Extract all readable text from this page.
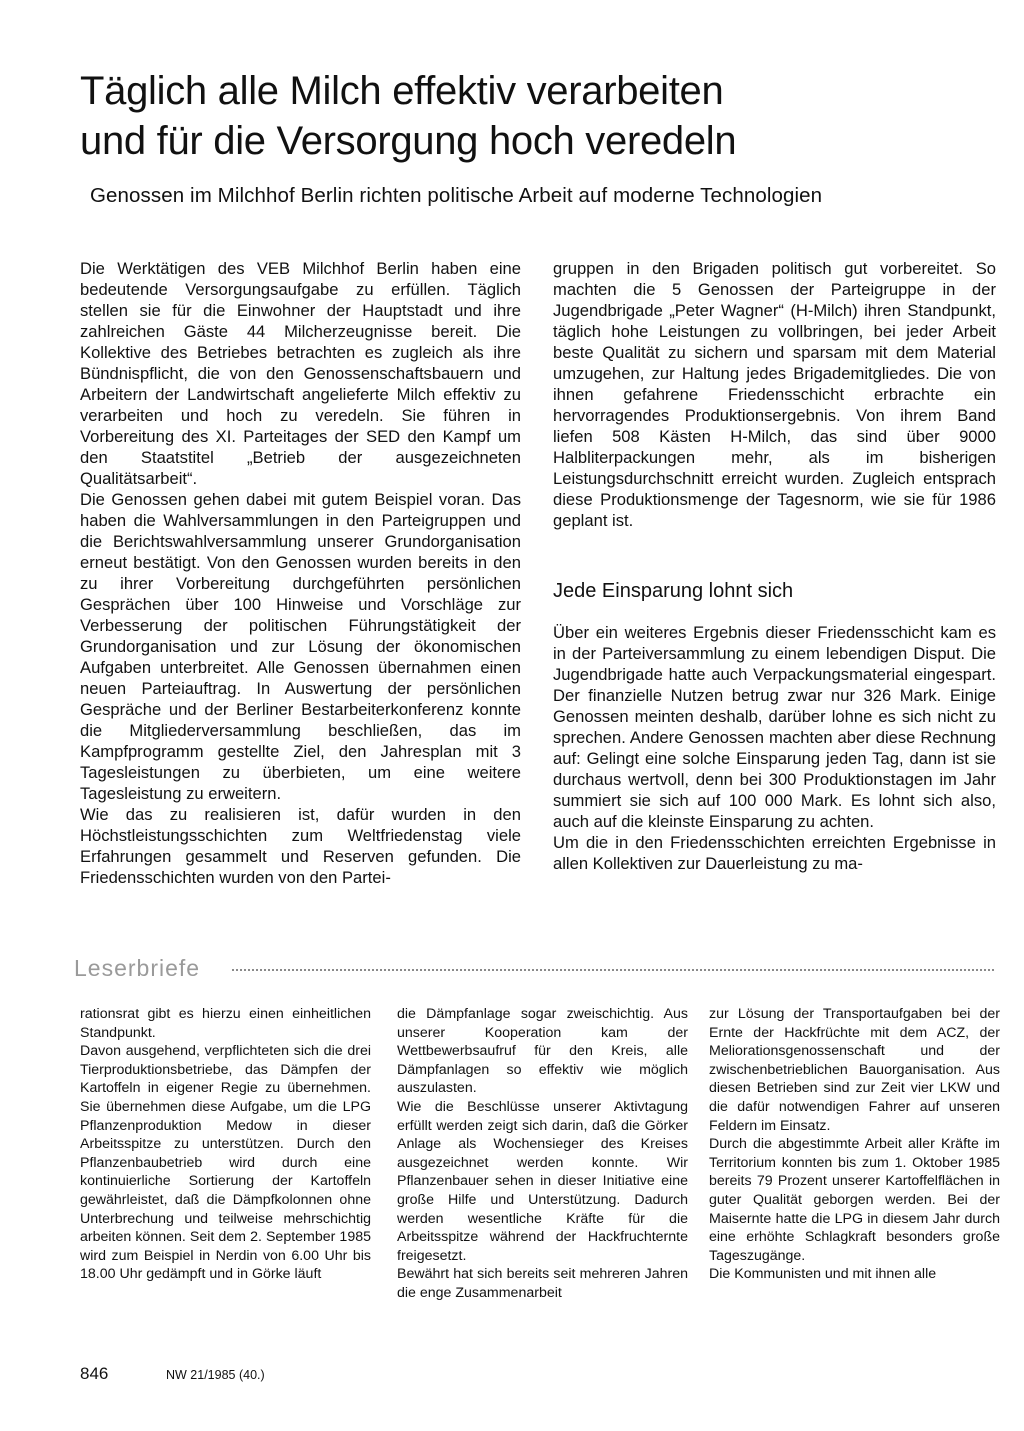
Täglich alle Milch effektiv verarbeiten
und für die Versorgung hoch veredeln
Genossen im Milchhof Berlin richten politische Arbeit auf moderne Technologien

Die Werktätigen des VEB Milchhof Berlin haben eine bedeutende Versorgungsaufgabe zu erfüllen. Täglich stellen sie für die Einwohner der Hauptstadt und ihre zahlreichen Gäste 44 Milcherzeugnisse bereit. Die Kollektive des Betriebes betrachten es zugleich als ihre Bündnispflicht, die von den Genossenschaftsbauern und Arbeitern der Landwirtschaft angelieferte Milch effektiv zu verarbeiten und hoch zu veredeln. Sie führen in Vorbereitung des XI. Parteitages der SED den Kampf um den Staatstitel „Betrieb der ausgezeichneten Qualitätsarbeit“.

Die Genossen gehen dabei mit gutem Beispiel voran. Das haben die Wahlversammlungen in den Parteigruppen und die Berichtswahlversammlung unserer Grundorganisation erneut bestätigt. Von den Genossen wurden bereits in den zu ihrer Vorbereitung durchgeführten persönlichen Gesprächen über 100 Hinweise und Vorschläge zur Verbesserung der politischen Führungstätigkeit der Grundorganisation und zur Lösung der ökonomischen Aufgaben unterbreitet. Alle Genossen übernahmen einen neuen Parteiauftrag. In Auswertung der persönlichen Gespräche und der Berliner Bestarbeiterkonferenz konnte die Mitgliederversammlung beschließen, das im Kampfprogramm gestellte Ziel, den Jahresplan mit 3 Tagesleistungen zu überbieten, um eine weitere Tagesleistung zu erweitern.

Wie das zu realisieren ist, dafür wurden in den Höchstleistungsschichten zum Weltfriedenstag viele Erfahrungen gesammelt und Reserven gefunden. Die Friedensschichten wurden von den Partei-

gruppen in den Brigaden politisch gut vorbereitet. So machten die 5 Genossen der Parteigruppe in der Jugendbrigade „Peter Wagner“ (H-Milch) ihren Standpunkt, täglich hohe Leistungen zu vollbringen, bei jeder Arbeit beste Qualität zu sichern und sparsam mit dem Material umzugehen, zur Haltung jedes Brigademitgliedes. Die von ihnen gefahrene Friedensschicht erbrachte ein hervorragendes Produktionsergebnis. Von ihrem Band liefen 508 Kästen H-Milch, das sind über 9000 Halbliterpackungen mehr, als im bisherigen Leistungsdurchschnitt erreicht wurden. Zugleich entsprach diese Produktionsmenge der Tagesnorm, wie sie für 1986 geplant ist.

Jede Einsparung lohnt sich

Über ein weiteres Ergebnis dieser Friedensschicht kam es in der Parteiversammlung zu einem lebendigen Disput. Die Jugendbrigade hatte auch Verpackungsmaterial eingespart. Der finanzielle Nutzen betrug zwar nur 326 Mark. Einige Genossen meinten deshalb, darüber lohne es sich nicht zu sprechen. Andere Genossen machten aber diese Rechnung auf: Gelingt eine solche Einsparung jeden Tag, dann ist sie durchaus wertvoll, denn bei 300 Produktionstagen im Jahr summiert sie sich auf 100 000 Mark. Es lohnt sich also, auch auf die kleinste Einsparung zu achten.

Um die in den Friedensschichten erreichten Ergebnisse in allen Kollektiven zur Dauerleistung zu ma-

Leserbriefe

rationsrat gibt es hierzu einen einheitlichen Standpunkt.

Davon ausgehend, verpflichteten sich die drei Tierproduktionsbetriebe, das Dämpfen der Kartoffeln in eigener Regie zu übernehmen. Sie übernehmen diese Aufgabe, um die LPG Pflanzenproduktion Medow in dieser Arbeitsspitze zu unterstützen. Durch den Pflanzenbaubetrieb wird durch eine kontinuierliche Sortierung der Kartoffeln gewährleistet, daß die Dämpfkolonnen ohne Unterbrechung und teilweise mehrschichtig arbeiten können. Seit dem 2. September 1985 wird zum Beispiel in Nerdin von 6.00 Uhr bis 18.00 Uhr gedämpft und in Görke läuft

die Dämpfanlage sogar zweischichtig. Aus unserer Kooperation kam der Wettbewerbsaufruf für den Kreis, alle Dämpfanlagen so effektiv wie möglich auszulasten.

Wie die Beschlüsse unserer Aktivtagung erfüllt werden zeigt sich darin, daß die Görker Anlage als Wochensieger des Kreises ausgezeichnet werden konnte. Wir Pflanzenbauer sehen in dieser Initiative eine große Hilfe und Unterstützung. Dadurch werden wesentliche Kräfte für die Arbeitsspitze während der Hackfruchternte freigesetzt.

Bewährt hat sich bereits seit mehreren Jahren die enge Zusammenarbeit

zur Lösung der Transportaufgaben bei der Ernte der Hackfrüchte mit dem ACZ, der Meliorationsgenossenschaft und der zwischenbetrieblichen Bauorganisation. Aus diesen Betrieben sind zur Zeit vier LKW und die dafür notwendigen Fahrer auf unseren Feldern im Einsatz.

Durch die abgestimmte Arbeit aller Kräfte im Territorium konnten bis zum 1. Oktober 1985 bereits 79 Prozent unserer Kartoffelflächen in guter Qualität geborgen werden. Bei der Maisernte hatte die LPG in diesem Jahr durch eine erhöhte Schlagkraft besonders große Tageszugänge.

Die Kommunisten und mit ihnen alle

846	NW 21/1985 (40.)
